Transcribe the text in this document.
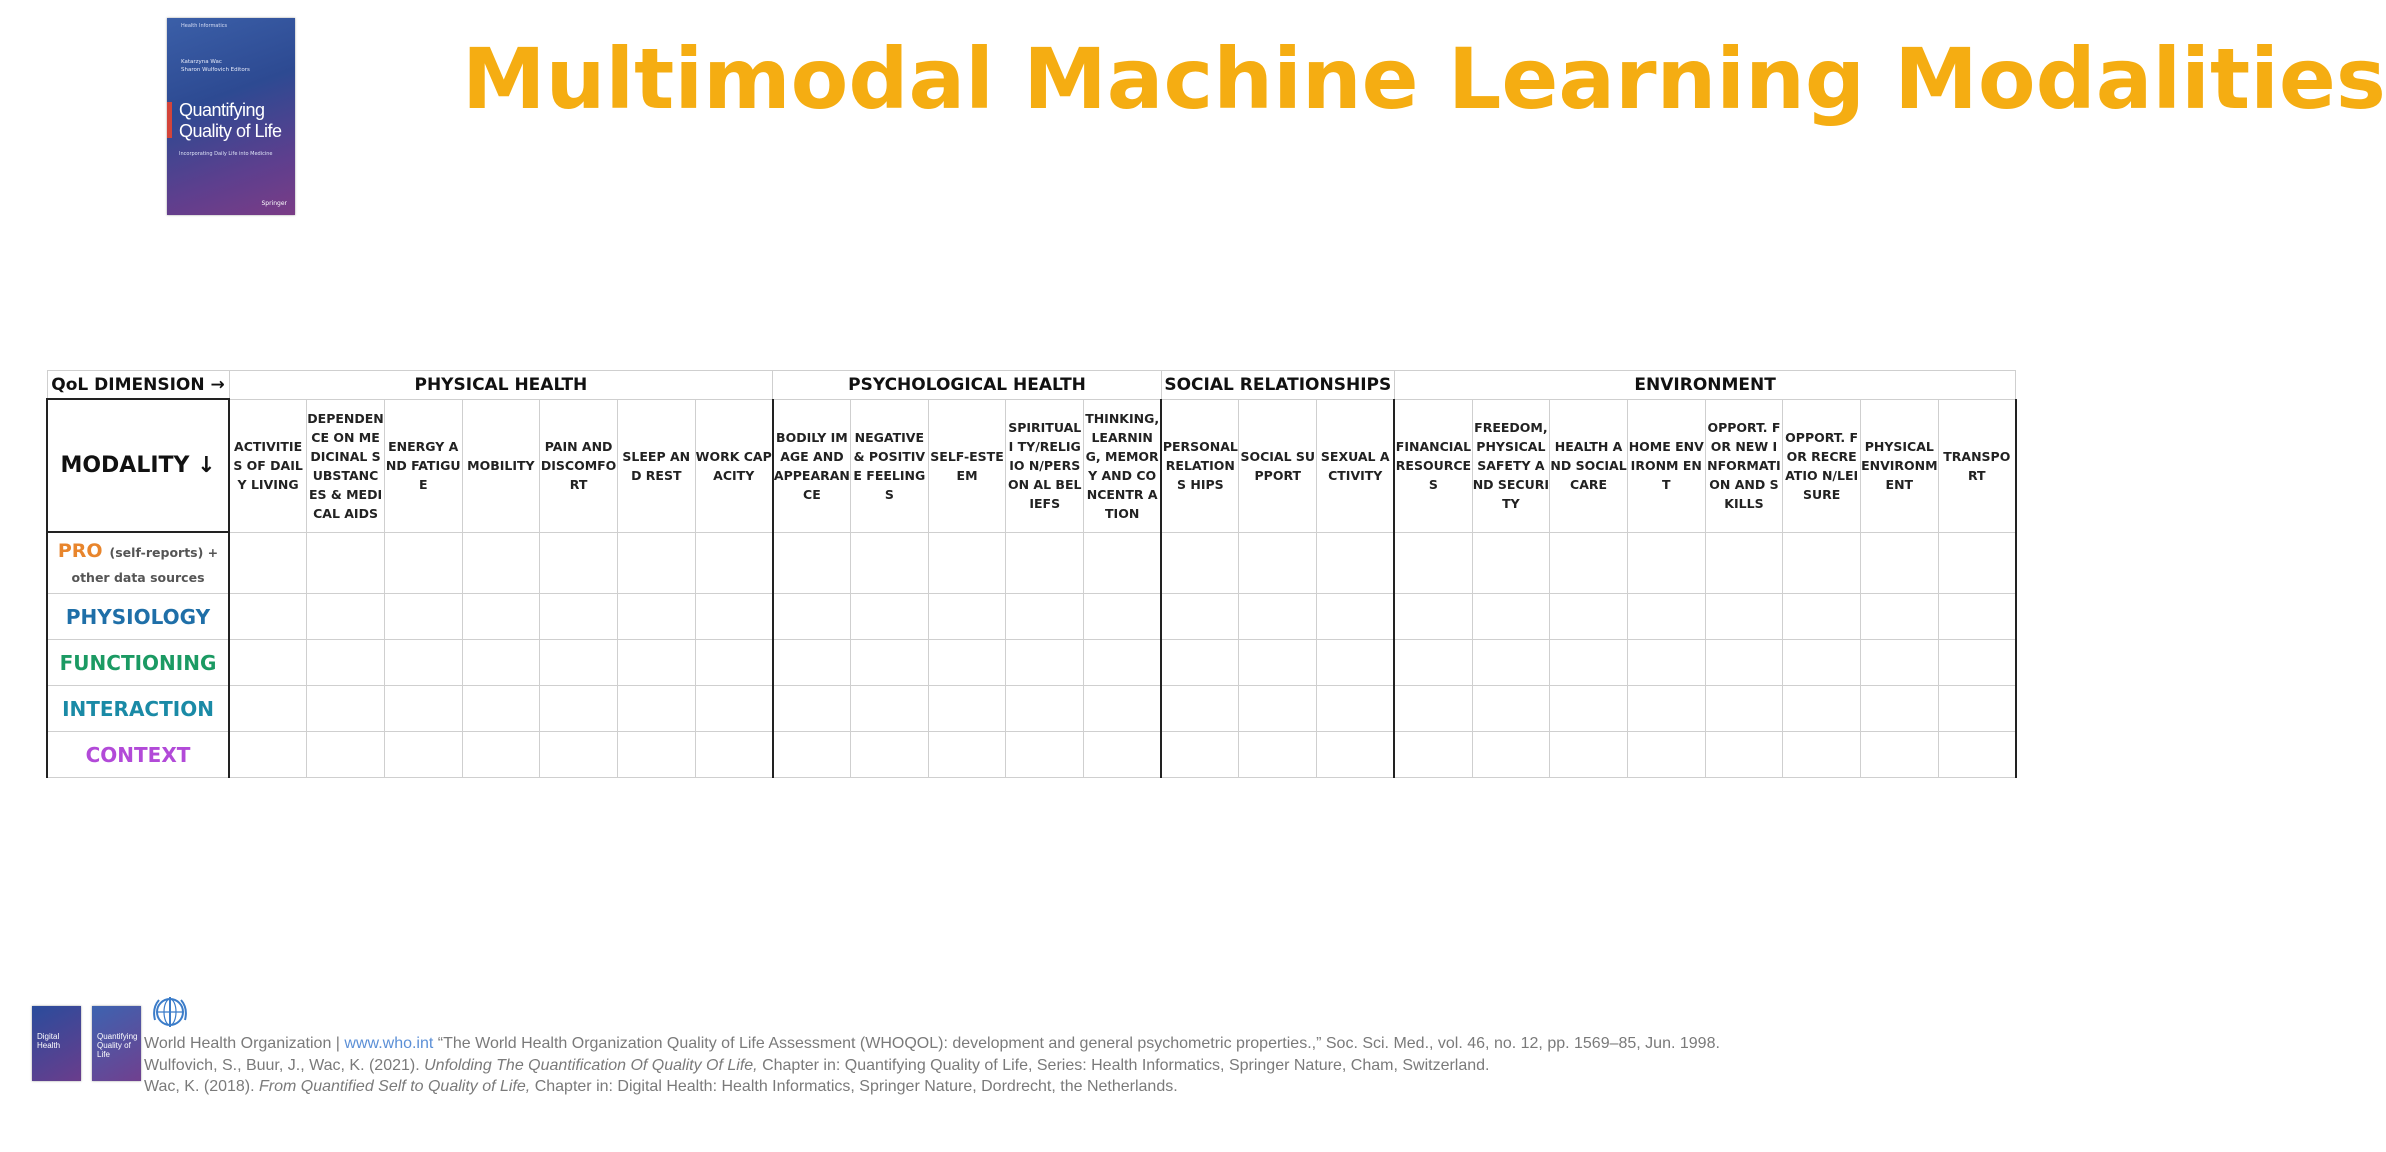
Health Informatics
Katarzyna Wac
Sharon Wulfovich Editors
Quantifying
Quality of Life
Incorporating Daily Life into Medicine
Springer
Multimodal Machine Learning Modalities
QoL DIMENSION →	PHYSICAL HEALTH							PSYCHOLOGICAL HEALTH					SOCIAL RELATIONSHIPS			ENVIRONMENT							
MODALITY ↓	ACTIVITIES OF DAILY LIVING	DEPENDEN CE ON MEDICINAL SUBSTANC ES & MEDICAL AIDS	ENERGY AND FATIGUE	MOBILITY	PAIN AND DISCOMFO RT	SLEEP AND REST	WORK CAPACITY	BODILY IMAGE AND APPEARAN CE	NEGATIVE & POSITIVE FEELINGS	SELF-ESTEEM	SPIRITUALI TY/RELIGIO N/PERSON AL BELIEFS	THINKING, LEARNING, MEMORY AND CONCENTR ATION	PERSONAL RELATIONS HIPS	SOCIAL SUPPORT	SEXUAL ACTIVITY	FINANCIAL RESOURCE S	FREEDOM, PHYSICAL SAFETY AND SECURITY	HEALTH AND SOCIAL CARE	HOME ENVIRONM ENT	OPPORT. FOR NEW INFORMATI ON AND SKILLS	OPPORT. FOR RECREATIO N/LEISURE	PHYSICAL ENVIRONM ENT	TRANSPORT
PRO (self-reports) + other data sources																							
PHYSIOLOGY																							
FUNCTIONING																							
INTERACTION																							
CONTEXT																							
Digital Health
Quantifying Quality of Life
World Health Organization | www.who.int “The World Health Organization Quality of Life Assessment (WHOQOL): development and general psychometric properties.,” Soc. Sci. Med., vol. 46, no. 12, pp. 1569–85, Jun. 1998.
Wulfovich, S., Buur, J., Wac, K. (2021). Unfolding The Quantification Of Quality Of Life, Chapter in: Quantifying Quality of Life, Series: Health Informatics, Springer Nature, Cham, Switzerland.
Wac, K. (2018). From Quantified Self to Quality of Life, Chapter in: Digital Health: Health Informatics, Springer Nature, Dordrecht, the Netherlands.
